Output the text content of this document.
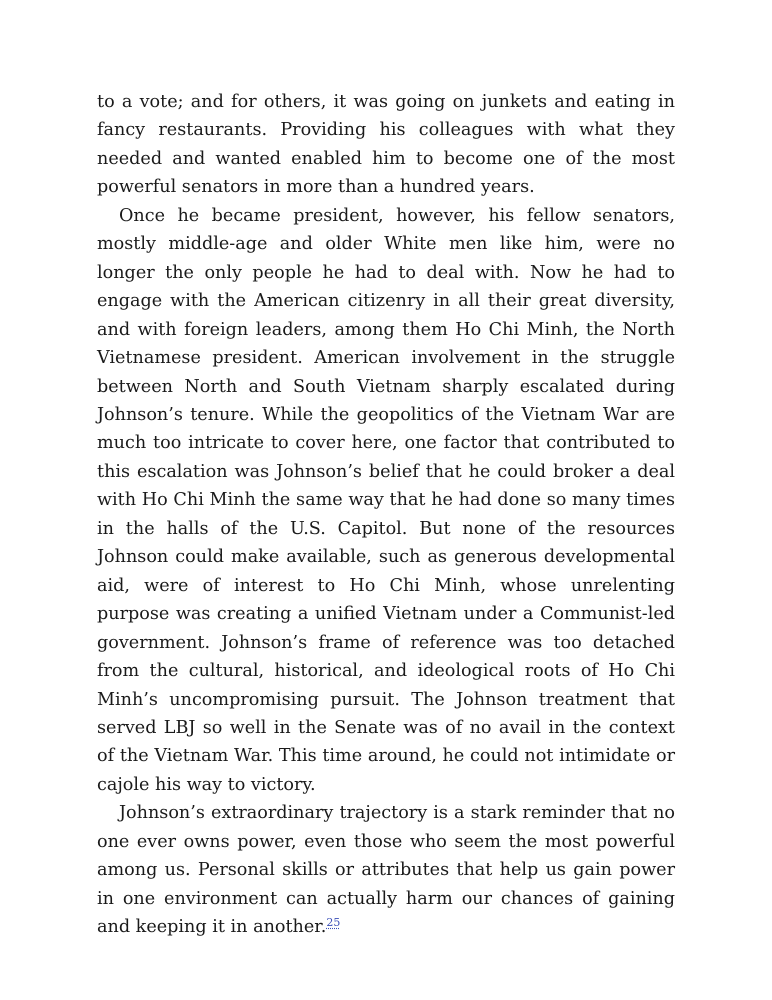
to a vote; and for others, it was going on junkets and eating in fancy restaurants. Providing his colleagues with what they needed and wanted enabled him to become one of the most powerful senators in more than a hundred years.

Once he became president, however, his fellow senators, mostly middle-age and older White men like him, were no longer the only people he had to deal with. Now he had to engage with the American citizenry in all their great diversity, and with foreign leaders, among them Ho Chi Minh, the North Vietnamese president. American involvement in the struggle between North and South Vietnam sharply escalated during Johnson’s tenure. While the geopolitics of the Vietnam War are much too intricate to cover here, one factor that contributed to this escalation was Johnson’s belief that he could broker a deal with Ho Chi Minh the same way that he had done so many times in the halls of the U.S. Capitol. But none of the resources Johnson could make available, such as generous developmental aid, were of interest to Ho Chi Minh, whose unrelenting purpose was creating a unified Vietnam under a Communist-led government. Johnson’s frame of reference was too detached from the cultural, historical, and ideological roots of Ho Chi Minh’s uncompromising pursuit. The Johnson treatment that served LBJ so well in the Senate was of no avail in the context of the Vietnam War. This time around, he could not intimidate or cajole his way to victory.

Johnson’s extraordinary trajectory is a stark reminder that no one ever owns power, even those who seem the most powerful among us. Personal skills or attributes that help us gain power in one environment can actually harm our chances of gaining and keeping it in another.$^{25}$
